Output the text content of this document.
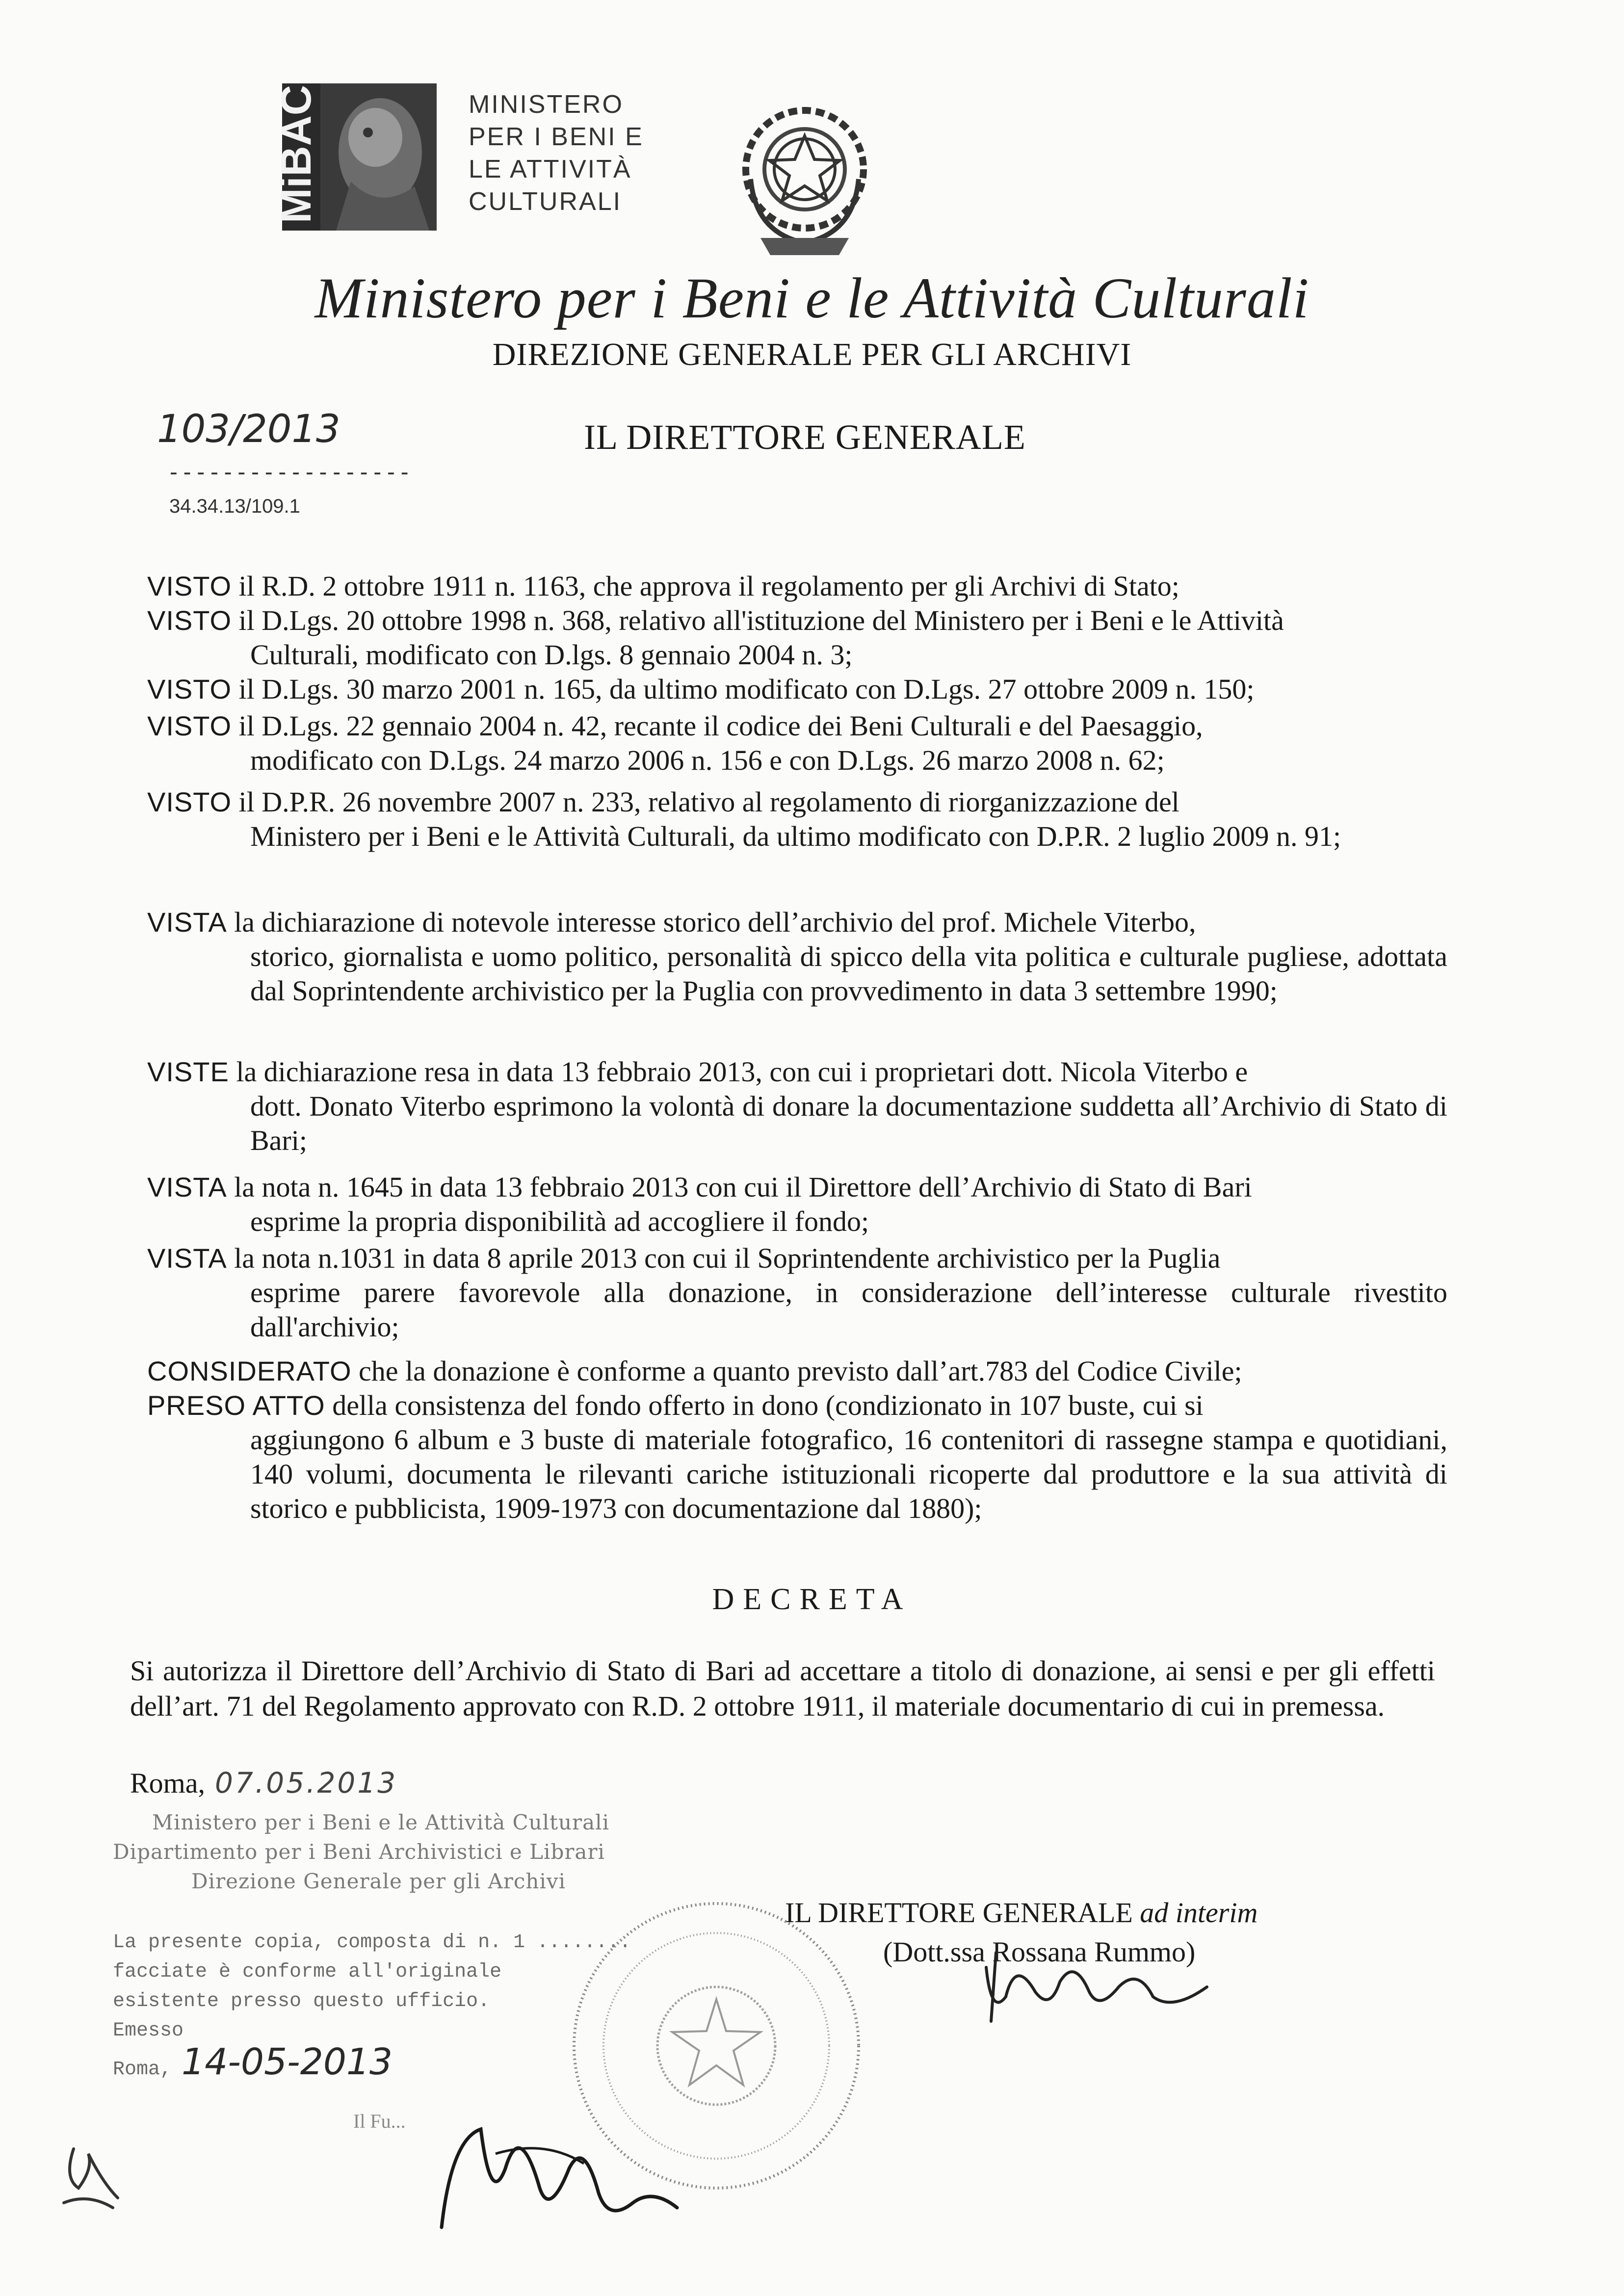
MiBAC	MINISTERO
PER I BENI E
LE ATTIVITÀ
CULTURALI
Ministero per i Beni e le Attività Culturali
DIREZIONE GENERALE PER GLI ARCHIVI
103/2013
------------------
34.34.13/109.1
IL DIRETTORE GENERALE
VISTO il R.D. 2 ottobre 1911 n. 1163, che approva il regolamento per gli Archivi di Stato;
VISTO il D.Lgs. 20 ottobre 1998 n. 368, relativo all'istituzione del Ministero per i Beni e le Attività
Culturali, modificato con D.lgs. 8 gennaio 2004 n. 3;
VISTO il D.Lgs. 30 marzo 2001 n. 165, da ultimo modificato con D.Lgs. 27 ottobre 2009 n. 150;
VISTO il D.Lgs. 22 gennaio 2004 n. 42, recante il codice dei Beni Culturali e del Paesaggio,
modificato con D.Lgs. 24 marzo 2006 n. 156 e con D.Lgs. 26 marzo 2008 n. 62;
VISTO il D.P.R. 26 novembre 2007 n. 233, relativo al regolamento di riorganizzazione del
Ministero per i Beni e le Attività Culturali, da ultimo modificato con D.P.R. 2 luglio 2009 n. 91;
VISTA la dichiarazione di notevole interesse storico dell’archivio del prof. Michele Viterbo,
storico, giornalista e uomo politico, personalità di spicco della vita politica e culturale pugliese, adottata dal Soprintendente archivistico per la Puglia con provvedimento in data 3 settembre 1990;
VISTE la dichiarazione resa in data 13 febbraio 2013, con cui i proprietari dott. Nicola Viterbo e
dott. Donato Viterbo esprimono la volontà di donare la documentazione suddetta all’Archivio di Stato di Bari;
VISTA la nota n. 1645 in data 13 febbraio 2013 con cui il Direttore dell’Archivio di Stato di Bari
esprime la propria disponibilità ad accogliere il fondo;
VISTA la nota n.1031 in data 8 aprile 2013 con cui il Soprintendente archivistico per la Puglia
esprime parere favorevole alla donazione, in considerazione dell’interesse culturale rivestito dall'archivio;
CONSIDERATO che la donazione è conforme a quanto previsto dall’art.783 del Codice Civile;
PRESO ATTO della consistenza del fondo offerto in dono (condizionato in 107 buste, cui si
aggiungono 6 album e 3 buste di materiale fotografico, 16 contenitori di rassegne stampa e quotidiani, 140 volumi, documenta le rilevanti cariche istituzionali ricoperte dal produttore e la sua attività di storico e pubblicista, 1909-1973 con documentazione dal 1880);
DECRETA
Si autorizza il Direttore dell’Archivio di Stato di Bari ad accettare a titolo di donazione, ai sensi e per gli effetti dell’art. 71 del Regolamento approvato con R.D. 2 ottobre 1911, il materiale documentario di cui in premessa.
Roma, 07.05.2013
Ministero per i Beni e le Attività Culturali
Dipartimento per i Beni Archivistici e Librari
Direzione Generale per gli Archivi
La presente copia, composta di n. 1 ........
facciate è conforme all'originale
esistente presso questo ufficio.
Emesso
Roma, 14-05-2013
IL DIRETTORE GENERALE ad interim
(Dott.ssa Rossana Rummo)
Il Fu...
